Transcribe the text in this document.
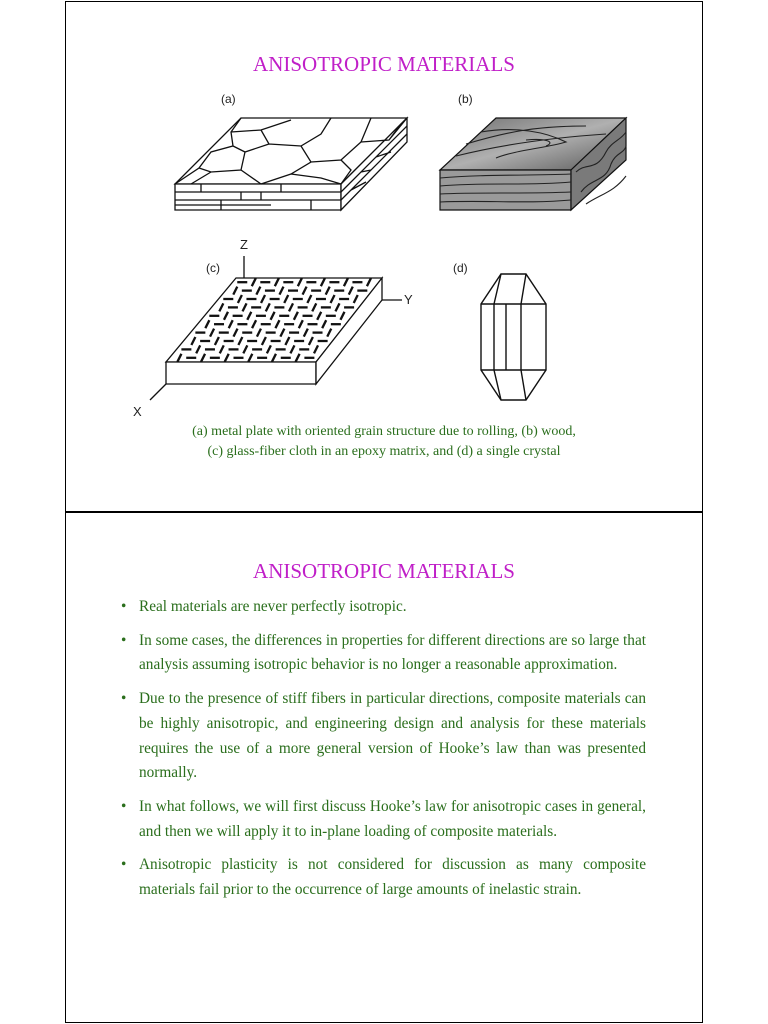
ANISOTROPIC MATERIALS
(a)	(b)
(c)	(d)
Z
Y
X
(a) metal plate with oriented grain structure due to rolling, (b) wood,
(c) glass-fiber cloth in an epoxy matrix, and (d) a single crystal
ANISOTROPIC MATERIALS
• Real materials are never perfectly isotropic.
• In some cases, the differences in properties for different directions are so large that analysis assuming isotropic behavior is no longer a reasonable approximation.
• Due to the presence of stiff fibers in particular directions, composite materials can be highly anisotropic, and engineering design and analysis for these materials requires the use of a more general version of Hooke’s law than was presented normally.
• In what follows, we will first discuss Hooke’s law for anisotropic cases in general, and then we will apply it to in-plane loading of composite materials.
• Anisotropic plasticity is not considered for discussion as many composite materials fail prior to the occurrence of large amounts of inelastic strain.
